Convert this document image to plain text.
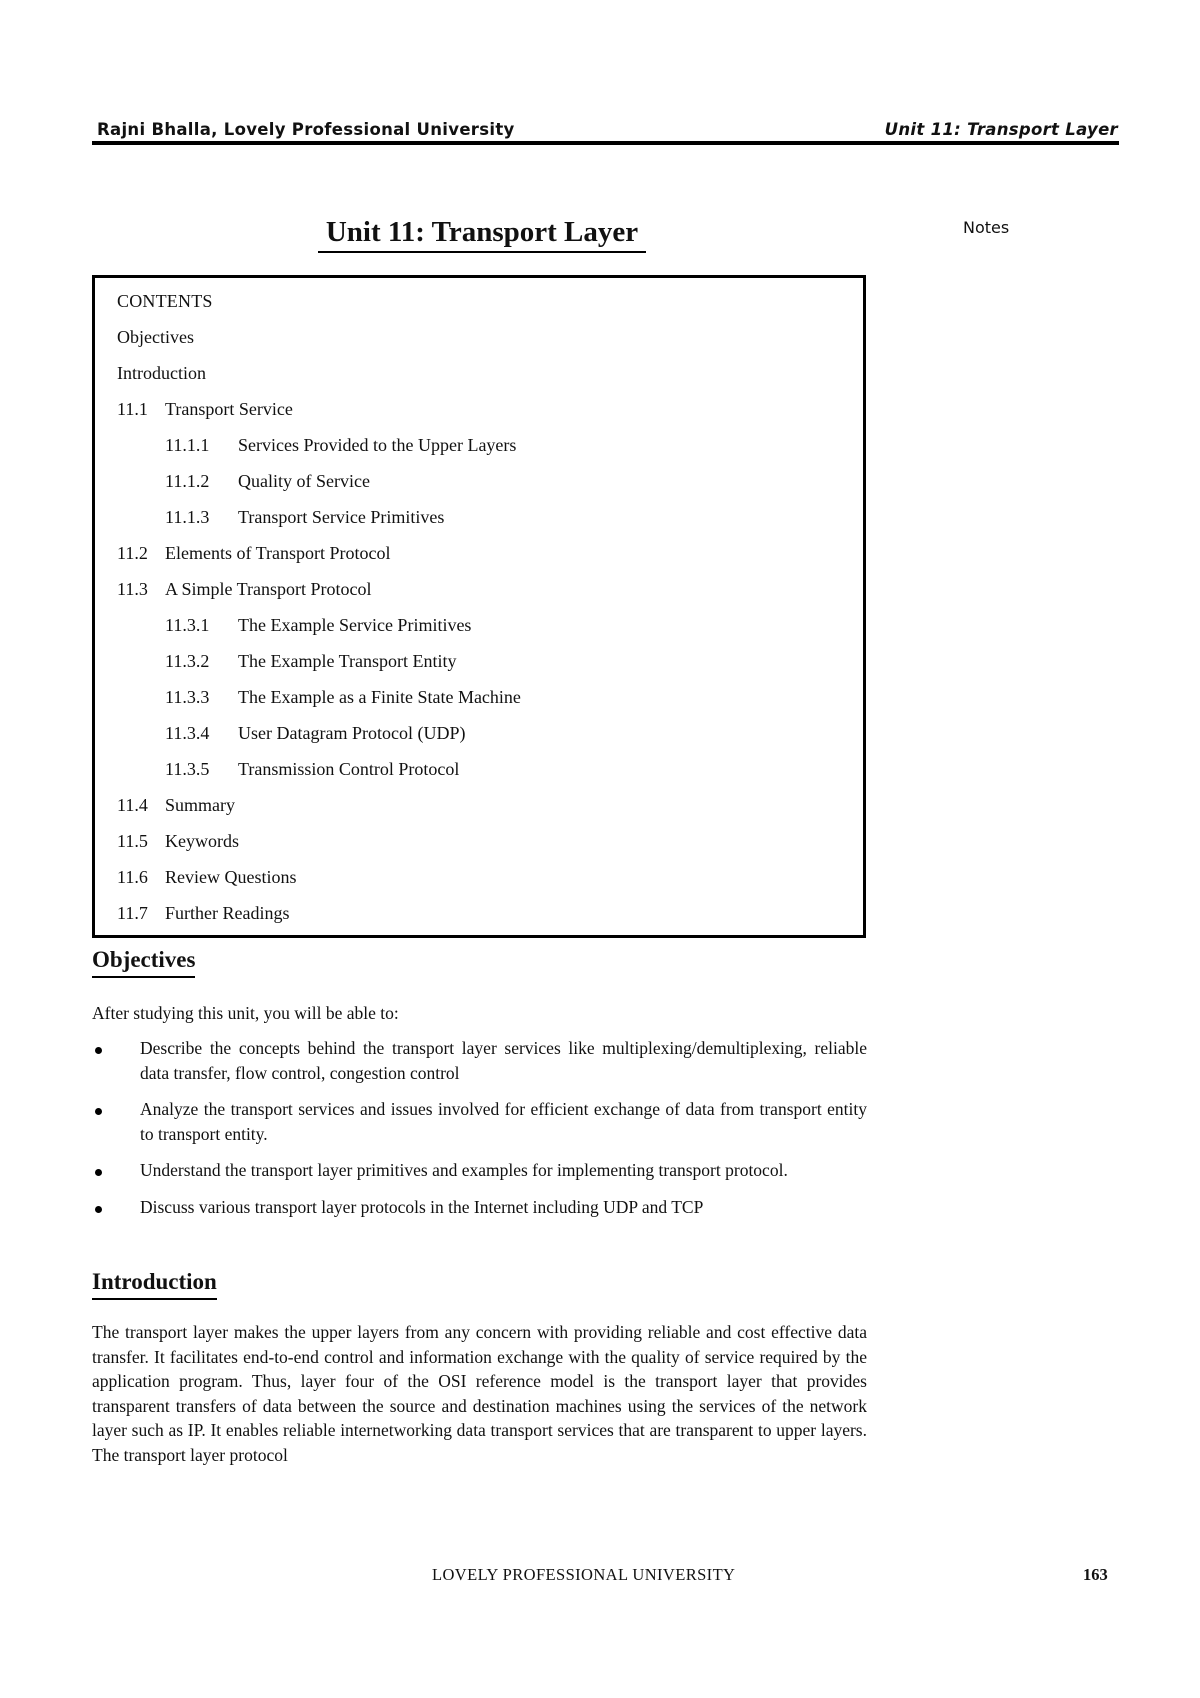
Rajni Bhalla, Lovely Professional University	Unit 11: Transport Layer
Unit 11: Transport Layer	Notes
CONTENTS
Objectives
Introduction
11.1 Transport Service
11.1.1 Services Provided to the Upper Layers
11.1.2 Quality of Service
11.1.3 Transport Service Primitives
11.2 Elements of Transport Protocol
11.3 A Simple Transport Protocol
11.3.1 The Example Service Primitives
11.3.2 The Example Transport Entity
11.3.3 The Example as a Finite State Machine
11.3.4 User Datagram Protocol (UDP)
11.3.5 Transmission Control Protocol
11.4 Summary
11.5 Keywords
11.6 Review Questions
11.7 Further Readings
Objectives
After studying this unit, you will be able to:
Describe the concepts behind the transport layer services like multiplexing/demultiplexing, reliable data transfer, flow control, congestion control
Analyze the transport services and issues involved for efficient exchange of data from transport entity to transport entity.
Understand the transport layer primitives and examples for implementing transport protocol.
Discuss various transport layer protocols in the Internet including UDP and TCP
Introduction
The transport layer makes the upper layers from any concern with providing reliable and cost effective data transfer. It facilitates end-to-end control and information exchange with the quality of service required by the application program. Thus, layer four of the OSI reference model is the transport layer that provides transparent transfers of data between the source and destination machines using the services of the network layer such as IP. It enables reliable internetworking data transport services that are transparent to upper layers. The transport layer protocol
LOVELY PROFESSIONAL UNIVERSITY	163
